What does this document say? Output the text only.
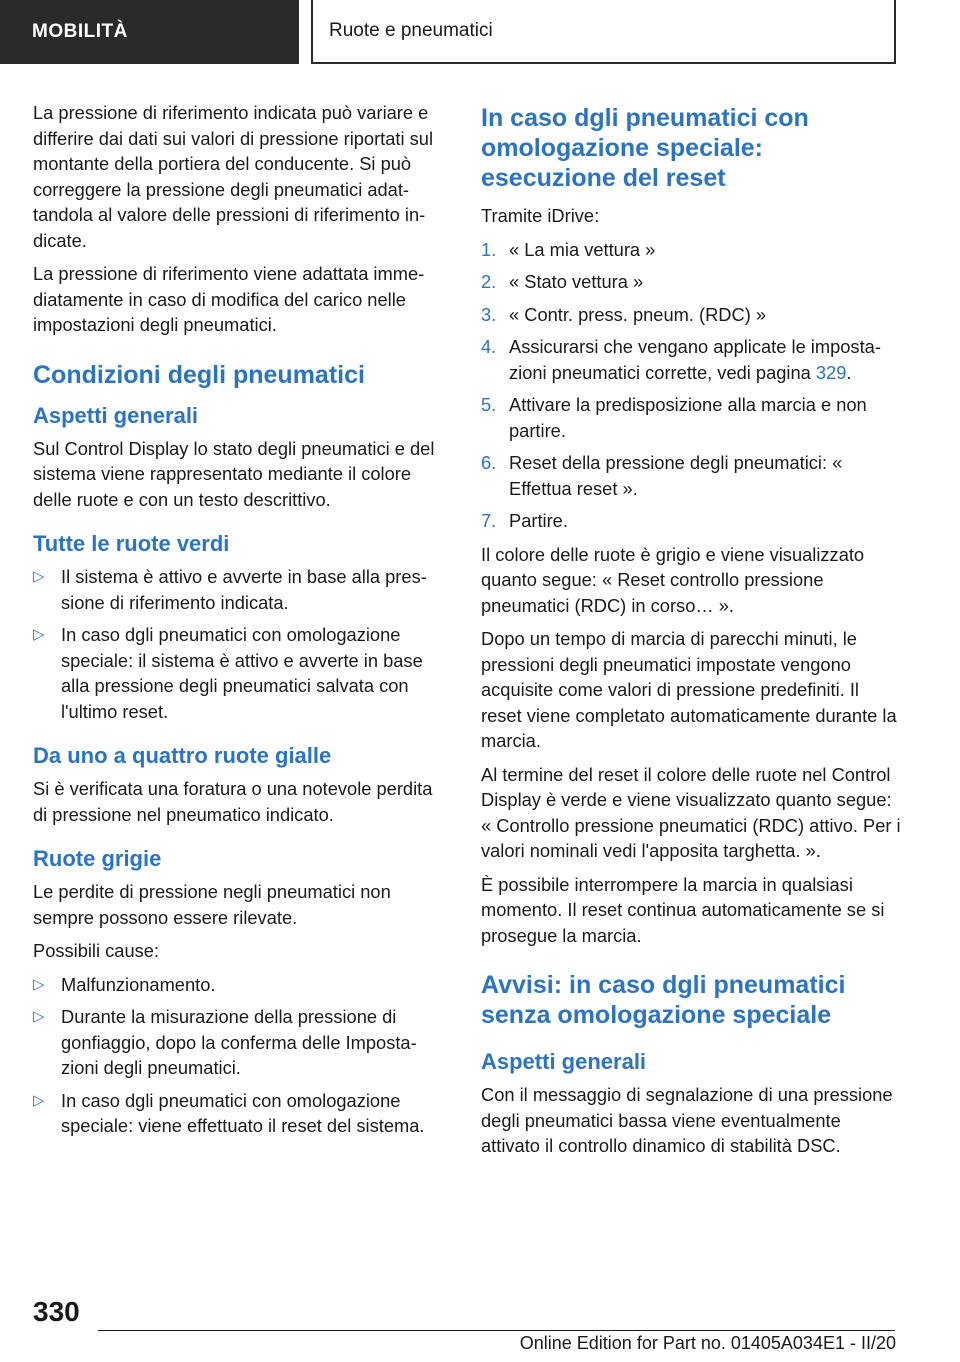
MOBILITÀ	Ruote e pneumatici

La pressione di riferimento indicata può variare e differire dai dati sui valori di pressione riportati sul montante della portiera del conducente. Si può correggere la pressione degli pneumatici adattandola al valore delle pressioni di riferimento indicate.

La pressione di riferimento viene adattata immediatamente in caso di modifica del carico nelle impostazioni degli pneumatici.

Condizioni degli pneumatici
Aspetti generali

Sul Control Display lo stato degli pneumatici e del sistema viene rappresentato mediante il colore delle ruote e con un testo descrittivo.

Tutte le ruote verdi
▷ Il sistema è attivo e avverte in base alla pressione di riferimento indicata.
▷ In caso dgli pneumatici con omologazione speciale: il sistema è attivo e avverte in base alla pressione degli pneumatici salvata con l'ultimo reset.
Da uno a quattro ruote gialle

Si è verificata una foratura o una notevole perdita di pressione nel pneumatico indicato.

Ruote grigie

Le perdite di pressione negli pneumatici non sempre possono essere rilevate.

Possibili cause:

▷ Malfunzionamento.
▷ Durante la misurazione della pressione di gonfiaggio, dopo la conferma delle Impostazioni degli pneumatici.
▷ In caso dgli pneumatici con omologazione speciale: viene effettuato il reset del sistema.
In caso dgli pneumatici con omologazione speciale: esecuzione del reset

Tramite iDrive:

1. « La mia vettura »
2. « Stato vettura »
3. « Contr. press. pneum. (RDC) »
4. Assicurarsi che vengano applicate le impostazioni pneumatici corrette, vedi pagina 329.
5. Attivare la predisposizione alla marcia e non partire.
6. Reset della pressione degli pneumatici: « Effettua reset ».
7. Partire.

Il colore delle ruote è grigio e viene visualizzato quanto segue: « Reset controllo pressione pneumatici (RDC) in corso… ».

Dopo un tempo di marcia di parecchi minuti, le pressioni degli pneumatici impostate vengono acquisite come valori di pressione predefiniti. Il reset viene completato automaticamente durante la marcia.

Al termine del reset il colore delle ruote nel Control Display è verde e viene visualizzato quanto segue: « Controllo pressione pneumatici (RDC) attivo. Per i valori nominali vedi l'apposita targhetta. ».

È possibile interrompere la marcia in qualsiasi momento. Il reset continua automaticamente se si prosegue la marcia.

Avvisi: in caso dgli pneumatici senza omologazione speciale
Aspetti generali

Con il messaggio di segnalazione di una pressione degli pneumatici bassa viene eventualmente attivato il controllo dinamico di stabilità DSC.

330
Online Edition for Part no. 01405A034E1 - II/20
